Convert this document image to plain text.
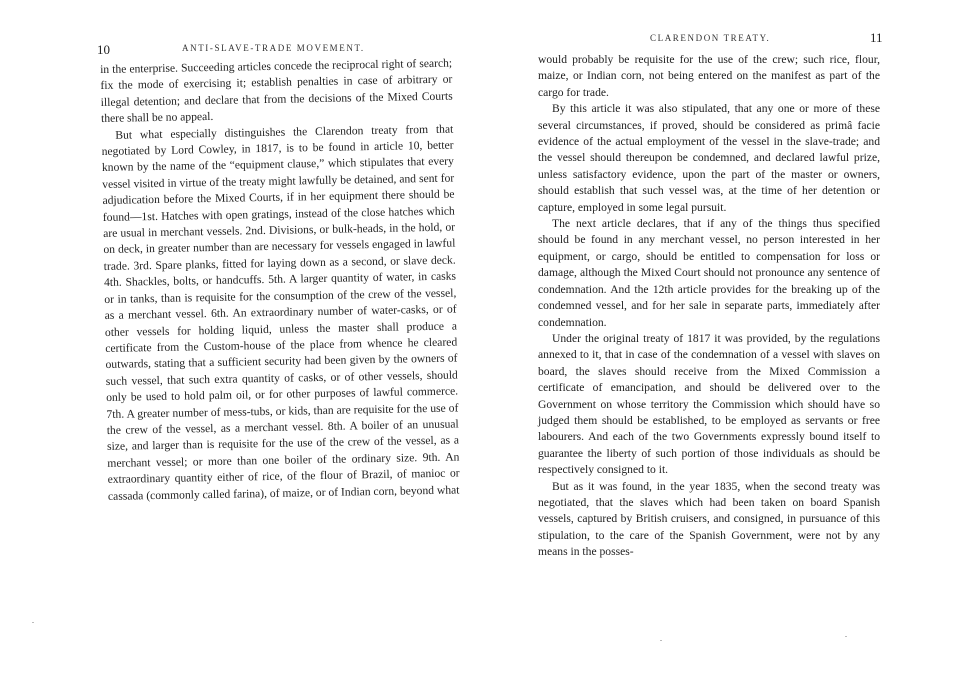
10	ANTI-SLAVE-TRADE MOVEMENT.

in the enterprise. Succeeding articles concede the reciprocal right of search; fix the mode of exercising it; establish penalties in case of arbitrary or illegal detention; and declare that from the decisions of the Mixed Courts there shall be no appeal.

But what especially distinguishes the Clarendon treaty from that negotiated by Lord Cowley, in 1817, is to be found in article 10, better known by the name of the “equipment clause,” which stipulates that every vessel visited in virtue of the treaty might lawfully be detained, and sent for adjudication before the Mixed Courts, if in her equipment there should be found—1st. Hatches with open gratings, instead of the close hatches which are usual in merchant vessels. 2nd. Divisions, or bulk-heads, in the hold, or on deck, in greater number than are necessary for vessels engaged in lawful trade. 3rd. Spare planks, fitted for laying down as a second, or slave deck. 4th. Shackles, bolts, or handcuffs. 5th. A larger quantity of water, in casks or in tanks, than is requisite for the consumption of the crew of the vessel, as a merchant vessel. 6th. An extraordinary number of water-casks, or of other vessels for holding liquid, unless the master shall produce a certificate from the Custom-house of the place from whence he cleared outwards, stating that a sufficient security had been given by the owners of such vessel, that such extra quantity of casks, or of other vessels, should only be used to hold palm oil, or for other purposes of lawful commerce. 7th. A greater number of mess-tubs, or kids, than are requisite for the use of the crew of the vessel, as a merchant vessel. 8th. A boiler of an unusual size, and larger than is requisite for the use of the crew of the vessel, as a merchant vessel; or more than one boiler of the ordinary size. 9th. An extraordinary quantity either of rice, of the flour of Brazil, of manioc or cassada (commonly called farina), of maize, or of Indian corn, beyond what

CLARENDON TREATY.	11

would probably be requisite for the use of the crew; such rice, flour, maize, or Indian corn, not being entered on the manifest as part of the cargo for trade.

By this article it was also stipulated, that any one or more of these several circumstances, if proved, should be considered as primâ facie evidence of the actual employment of the vessel in the slave-trade; and the vessel should thereupon be condemned, and declared lawful prize, unless satisfactory evidence, upon the part of the master or owners, should establish that such vessel was, at the time of her detention or capture, employed in some legal pursuit.

The next article declares, that if any of the things thus specified should be found in any merchant vessel, no person interested in her equipment, or cargo, should be entitled to compensation for loss or damage, although the Mixed Court should not pronounce any sentence of condemnation. And the 12th article provides for the breaking up of the condemned vessel, and for her sale in separate parts, immediately after condemnation.

Under the original treaty of 1817 it was provided, by the regulations annexed to it, that in case of the condemnation of a vessel with slaves on board, the slaves should receive from the Mixed Commission a certificate of emancipation, and should be delivered over to the Government on whose territory the Commission which should have so judged them should be established, to be employed as servants or free labourers. And each of the two Governments expressly bound itself to guarantee the liberty of such portion of those individuals as should be respectively consigned to it.

But as it was found, in the year 1835, when the second treaty was negotiated, that the slaves which had been taken on board Spanish vessels, captured by British cruisers, and consigned, in pursuance of this stipulation, to the care of the Spanish Government, were not by any means in the posses-
